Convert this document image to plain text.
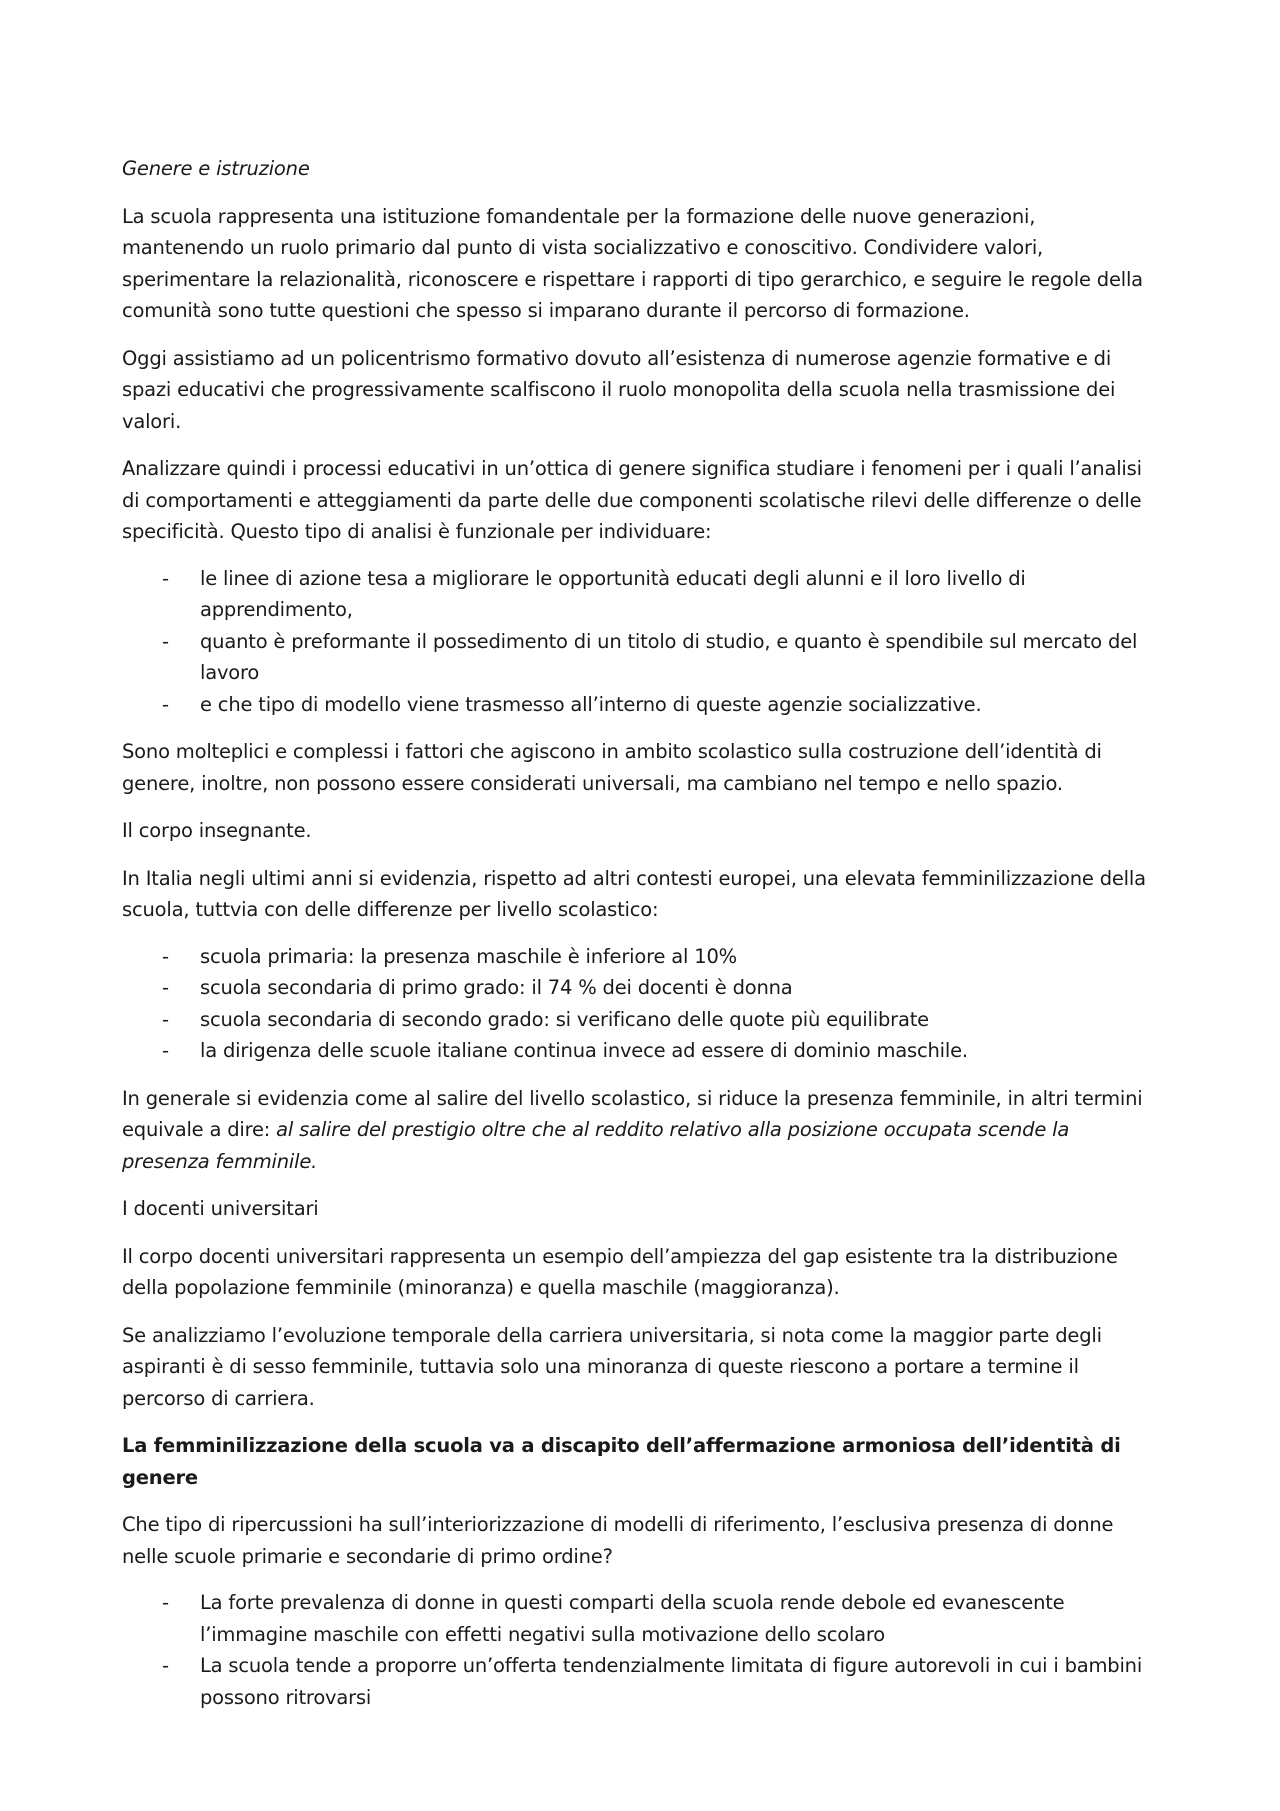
Genere e istruzione

La scuola rappresenta una istituzione fomandentale per la formazione delle nuove generazioni, mantenendo un ruolo primario dal punto di vista socializzativo e conoscitivo. Condividere valori, sperimentare la relazionalità, riconoscere e rispettare i rapporti di tipo gerarchico, e seguire le regole della comunità sono tutte questioni che spesso si imparano durante il percorso di formazione.

Oggi assistiamo ad un policentrismo formativo dovuto all’esistenza di numerose agenzie formative e di spazi educativi che progressivamente scalfiscono il ruolo monopolita della scuola nella trasmissione dei valori.

Analizzare quindi i processi educativi in un’ottica di genere significa studiare i fenomeni per i quali l’analisi di comportamenti e atteggiamenti da parte delle due componenti scolatische rilevi delle differenze o delle specificità. Questo tipo di analisi è funzionale per individuare:

- le linee di azione tesa a migliorare le opportunità educati degli alunni e il loro livello di apprendimento,
- quanto è preformante il possedimento di un titolo di studio, e quanto è spendibile sul mercato del lavoro
- e che tipo di modello viene trasmesso all’interno di queste agenzie socializzative.

Sono molteplici e complessi i fattori che agiscono in ambito scolastico sulla costruzione dell’identità di genere, inoltre, non possono essere considerati universali, ma cambiano nel tempo e nello spazio.

Il corpo insegnante.

In Italia negli ultimi anni si evidenzia, rispetto ad altri contesti europei, una elevata femminilizzazione della scuola, tuttvia con delle differenze per livello scolastico:

- scuola primaria: la presenza maschile è inferiore al 10%
- scuola secondaria di primo grado: il 74 % dei docenti è donna
- scuola secondaria di secondo grado: si verificano delle quote più equilibrate
- la dirigenza delle scuole italiane continua invece ad essere di dominio maschile.

In generale si evidenzia come al salire del livello scolastico, si riduce la presenza femminile, in altri termini equivale a dire: al salire del prestigio oltre che al reddito relativo alla posizione occupata scende la presenza femminile.

I docenti universitari

Il corpo docenti universitari rappresenta un esempio dell’ampiezza del gap esistente tra la distribuzione della popolazione femminile (minoranza) e quella maschile (maggioranza).

Se analizziamo l’evoluzione temporale della carriera universitaria, si nota come la maggior parte degli aspiranti è di sesso femminile, tuttavia solo una minoranza di queste riescono a portare a termine il percorso di carriera.

La femminilizzazione della scuola va a discapito dell’affermazione armoniosa dell’identità di genere

Che tipo di ripercussioni ha sull’interiorizzazione di modelli di riferimento, l’esclusiva presenza di donne nelle scuole primarie e secondarie di primo ordine?

- La forte prevalenza di donne in questi comparti della scuola rende debole ed evanescente l’immagine maschile con effetti negativi sulla motivazione dello scolaro
- La scuola tende a proporre un’offerta tendenzialmente limitata di figure autorevoli in cui i bambini possono ritrovarsi
